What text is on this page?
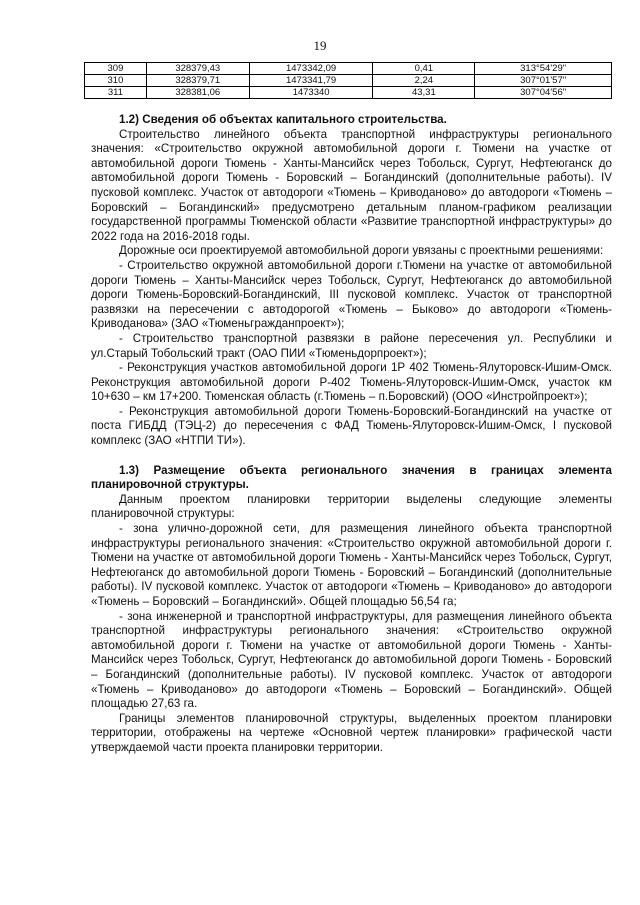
19
309	328379,43	1473342,09	0,41	313°54'29"
310	328379,71	1473341,79	2,24	307°01'57"
311	328381,06	1473340	43,31	307°04'56"

1.2) Сведения об объектах капитального строительства.

Строительство линейного объекта транспортной инфраструктуры регионального значения: «Строительство окружной автомобильной дороги г. Тюмени на участке от автомобильной дороги Тюмень - Ханты-Мансийск через Тобольск, Сургут, Нефтеюганск до автомобильной дороги Тюмень - Боровский – Богандинский (дополнительные работы). IV пусковой комплекс. Участок от автодороги «Тюмень – Криводаново» до автодороги «Тюмень – Боровский – Богандинский» предусмотрено детальным планом-графиком реализации государственной программы Тюменской области «Развитие транспортной инфраструктуры» до 2022 года на 2016-2018 годы.

Дорожные оси проектируемой автомобильной дороги увязаны с проектными решениями:

- Строительство окружной автомобильной дороги г.Тюмени на участке от автомобильной дороги Тюмень – Ханты-Мансийск через Тобольск, Сургут, Нефтеюганск до автомобильной дороги Тюмень-Боровский-Богандинский, III пусковой комплекс. Участок от транспортной развязки на пересечении с автодорогой «Тюмень – Быково» до автодороги «Тюмень-Криводанова» (ЗАО «Тюменьгражданпроект»);

- Строительство транспортной развязки в районе пересечения ул. Республики и ул.Старый Тобольский тракт (ОАО ПИИ «Тюменьдорпроект»);

- Реконструкция участков автомобильной дороги 1Р 402 Тюмень-Ялуторовск-Ишим-Омск. Реконструкция автомобильной дороги Р-402 Тюмень-Ялуторовск-Ишим-Омск, участок км 10+630 – км 17+200. Тюменская область (г.Тюмень – п.Боровский) (ООО «Инстройпроект»);

- Реконструкция автомобильной дороги Тюмень-Боровский-Богандинский на участке от поста ГИБДД (ТЭЦ-2) до пересечения с ФАД Тюмень-Ялуторовск-Ишим-Омск, I пусковой комплекс (ЗАО «НТПИ ТИ»).

1.3) Размещение объекта регионального значения в границах элемента планировочной структуры.

Данным проектом планировки территории выделены следующие элементы планировочной структуры:

- зона улично-дорожной сети, для размещения линейного объекта транспортной инфраструктуры регионального значения: «Строительство окружной автомобильной дороги г. Тюмени на участке от автомобильной дороги Тюмень - Ханты-Мансийск через Тобольск, Сургут, Нефтеюганск до автомобильной дороги Тюмень - Боровский – Богандинский (дополнительные работы). IV пусковой комплекс. Участок от автодороги «Тюмень – Криводаново» до автодороги «Тюмень – Боровский – Богандинский». Общей площадью 56,54 га;

- зона инженерной и транспортной инфраструктуры, для размещения линейного объекта транспортной инфраструктуры регионального значения: «Строительство окружной автомобильной дороги г. Тюмени на участке от автомобильной дороги Тюмень - Ханты-Мансийск через Тобольск, Сургут, Нефтеюганск до автомобильной дороги Тюмень - Боровский – Богандинский (дополнительные работы). IV пусковой комплекс. Участок от автодороги «Тюмень – Криводаново» до автодороги «Тюмень – Боровский – Богандинский». Общей площадью 27,63 га.

Границы элементов планировочной структуры, выделенных проектом планировки территории, отображены на чертеже «Основной чертеж планировки» графической части утверждаемой части проекта планировки территории.
